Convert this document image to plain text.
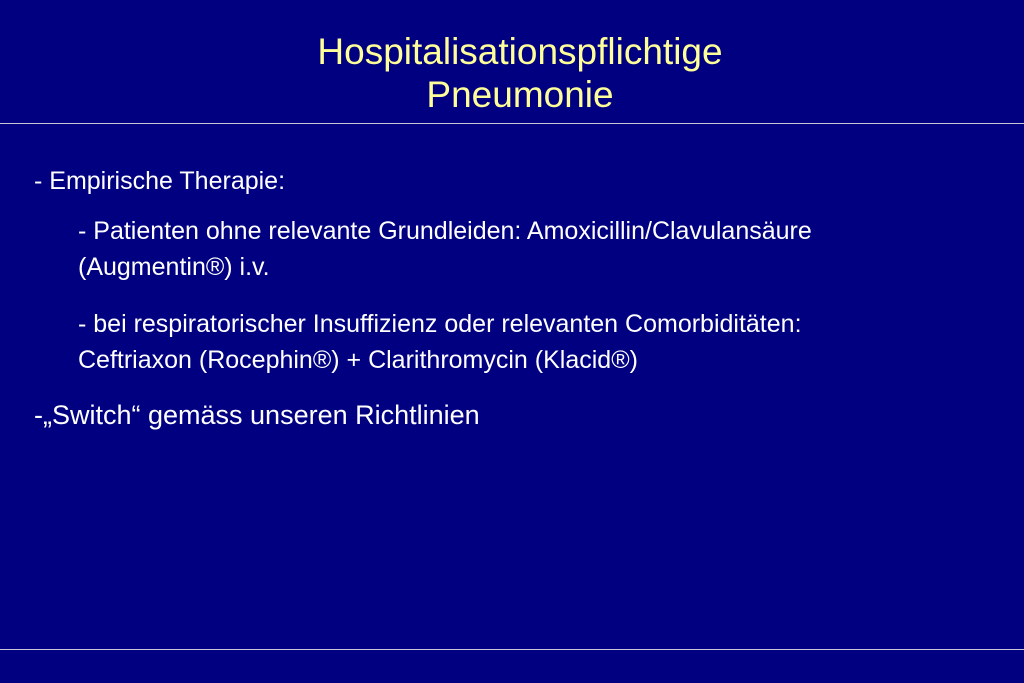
Hospitalisationspflichtige
Pneumonie
- Empirische Therapie:
- Patienten ohne relevante Grundleiden: Amoxicillin/Clavulansäure
(Augmentin®) i.v.
- bei respiratorischer Insuffizienz oder relevanten Comorbiditäten:
Ceftriaxon (Rocephin®) + Clarithromycin (Klacid®)
-„Switch“ gemäss unseren Richtlinien
